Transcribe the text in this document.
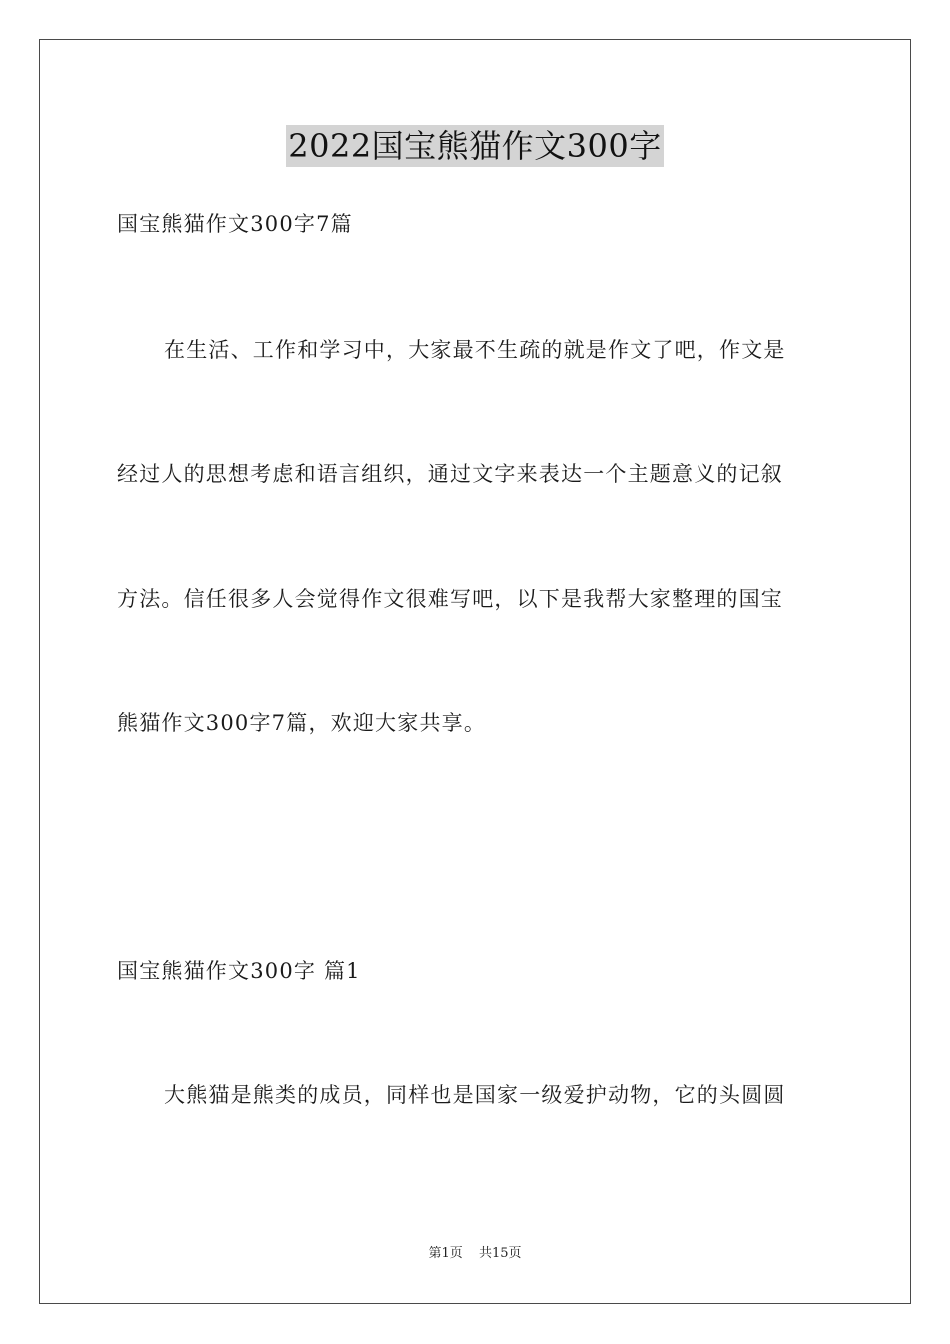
2022国宝熊猫作文300字
国宝熊猫作文300字7篇
在生活、工作和学习中，大家最不生疏的就是作文了吧，作文是
经过人的思想考虑和语言组织，通过文字来表达一个主题意义的记叙
方法。信任很多人会觉得作文很难写吧，以下是我帮大家整理的国宝
熊猫作文300字7篇，欢迎大家共享。
国宝熊猫作文300字 篇1
大熊猫是熊类的成员，同样也是国家一级爱护动物，它的头圆圆
第1页 共15页
